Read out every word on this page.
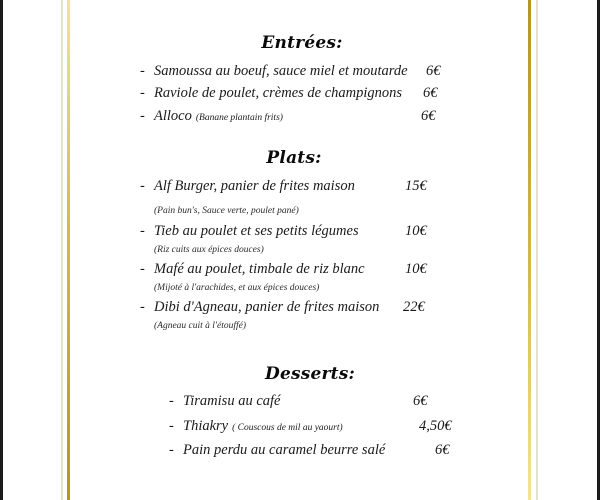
Entrées:
- Samoussa au boeuf, sauce miel et moutarde 6€
- Raviole de poulet, crèmes de champignons 6€
- Alloco (Banane plantain frits)	6€
Plats:
- Alf Burger, panier de frites maison	15€
(Pain bun's, Sauce verte, poulet pané)
- Tieb au poulet et ses petits légumes	10€
(Riz cuits aux épices douces)
- Mafé au poulet, timbale de riz blanc	10€
(Mijoté à l'arachides, et aux épices douces)
- Dibi d'Agneau, panier de frites maison 22€
(Agneau cuit à l'étouffé)
Desserts:
- Tiramisu au café	6€
- Thiakry ( Couscous de mil au yaourt)	4,50€
- Pain perdu au caramel beurre salé	6€
